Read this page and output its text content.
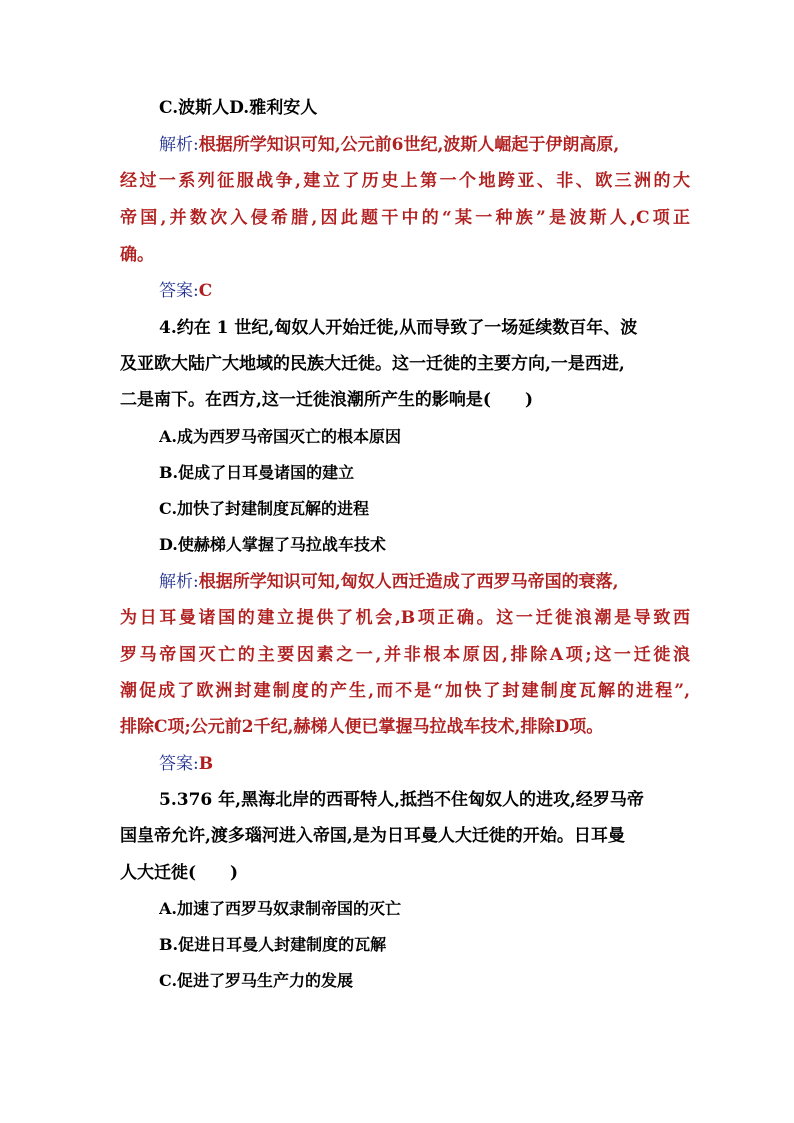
C.波斯人D.雅利安人
解析:根据所学知识可知,公元前6世纪,波斯人崛起于伊朗高原,
经过一系列征服战争,建立了历史上第一个地跨亚、非、欧三洲的大
帝国,并数次入侵希腊,因此题干中的“某一种族”是波斯人,C项正
确。
答案:C
4.约在 1 世纪,匈奴人开始迁徙,从而导致了一场延续数百年、波
及亚欧大陆广大地域的民族大迁徙。这一迁徙的主要方向,一是西进,
二是南下。在西方,这一迁徙浪潮所产生的影响是(　　)
A.成为西罗马帝国灭亡的根本原因
B.促成了日耳曼诸国的建立
C.加快了封建制度瓦解的进程
D.使赫梯人掌握了马拉战车技术
解析:根据所学知识可知,匈奴人西迁造成了西罗马帝国的衰落,
为日耳曼诸国的建立提供了机会,B项正确。这一迁徙浪潮是导致西
罗马帝国灭亡的主要因素之一,并非根本原因,排除A项;这一迁徙浪
潮促成了欧洲封建制度的产生,而不是“加快了封建制度瓦解的进程”,
排除C项;公元前2千纪,赫梯人便已掌握马拉战车技术,排除D项。
答案:B
5.376 年,黑海北岸的西哥特人,抵挡不住匈奴人的进攻,经罗马帝
国皇帝允许,渡多瑙河进入帝国,是为日耳曼人大迁徙的开始。日耳曼
人大迁徙(　　)
A.加速了西罗马奴隶制帝国的灭亡
B.促进日耳曼人封建制度的瓦解
C.促进了罗马生产力的发展
